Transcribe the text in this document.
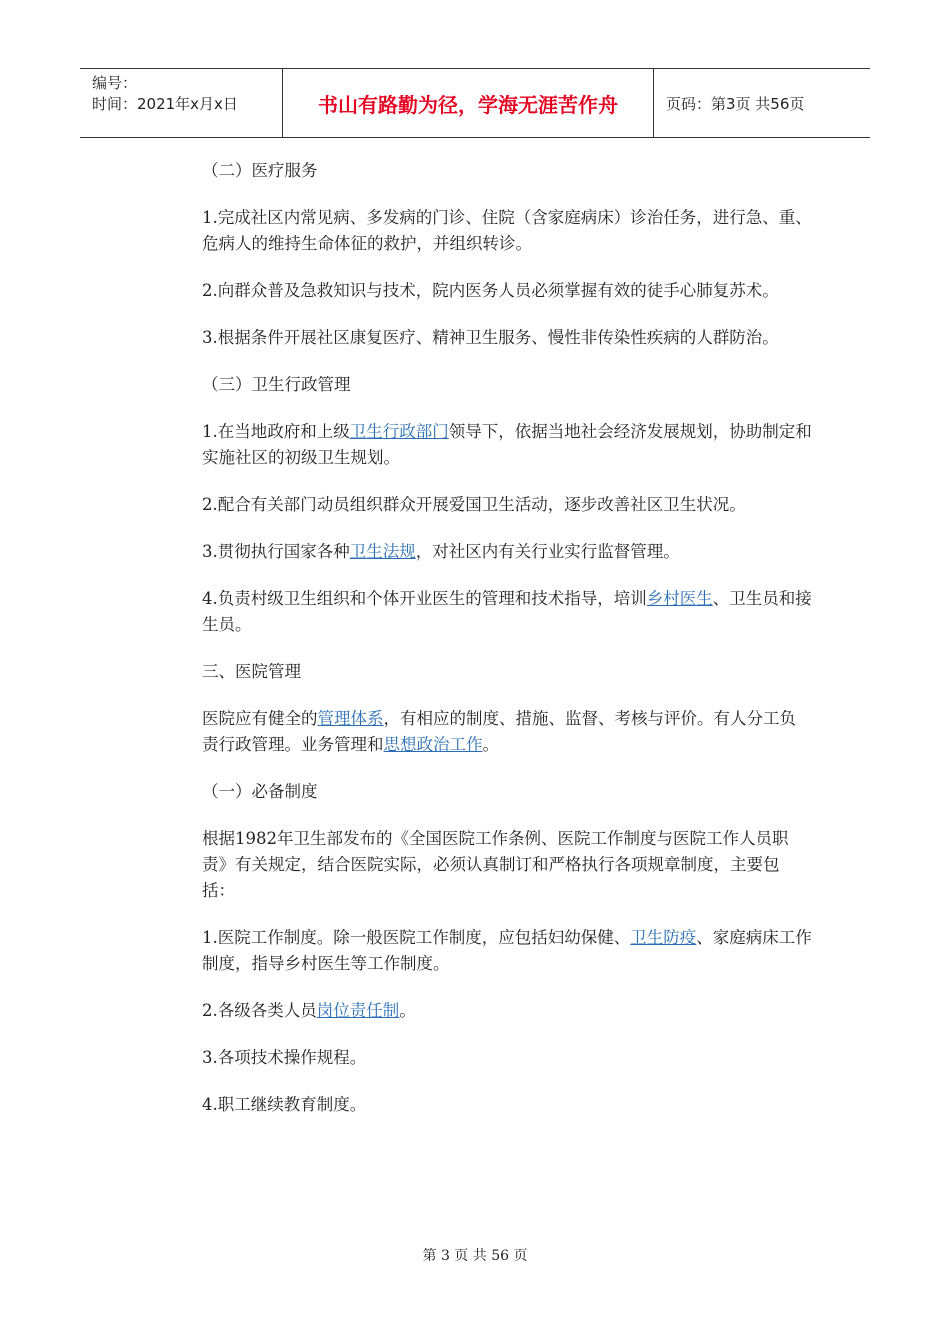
编号：
时间：2021年x月x日	书山有路勤为径，学海无涯苦作舟	页码：第3页 共56页

（二）医疗服务

1.完成社区内常见病、多发病的门诊、住院（含家庭病床）诊治任务，进行急、重、危病人的维持生命体征的救护，并组织转诊。

2.向群众普及急救知识与技术，院内医务人员必须掌握有效的徒手心肺复苏术。

3.根据条件开展社区康复医疗、精神卫生服务、慢性非传染性疾病的人群防治。

（三）卫生行政管理

1.在当地政府和上级卫生行政部门领导下，依据当地社会经济发展规划，协助制定和实施社区的初级卫生规划。

2.配合有关部门动员组织群众开展爱国卫生活动，逐步改善社区卫生状况。

3.贯彻执行国家各种卫生法规，对社区内有关行业实行监督管理。

4.负责村级卫生组织和个体开业医生的管理和技术指导，培训乡村医生、卫生员和接生员。

三、医院管理

医院应有健全的管理体系，有相应的制度、措施、监督、考核与评价。有人分工负责行政管理。业务管理和思想政治工作。

（一）必备制度

根据1982年卫生部发布的《全国医院工作条例、医院工作制度与医院工作人员职责》有关规定，结合医院实际，必须认真制订和严格执行各项规章制度，主要包括：

1.医院工作制度。除一般医院工作制度，应包括妇幼保健、卫生防疫、家庭病床工作制度，指导乡村医生等工作制度。

2.各级各类人员岗位责任制。

3.各项技术操作规程。

4.职工继续教育制度。

第 3 页 共 56 页
